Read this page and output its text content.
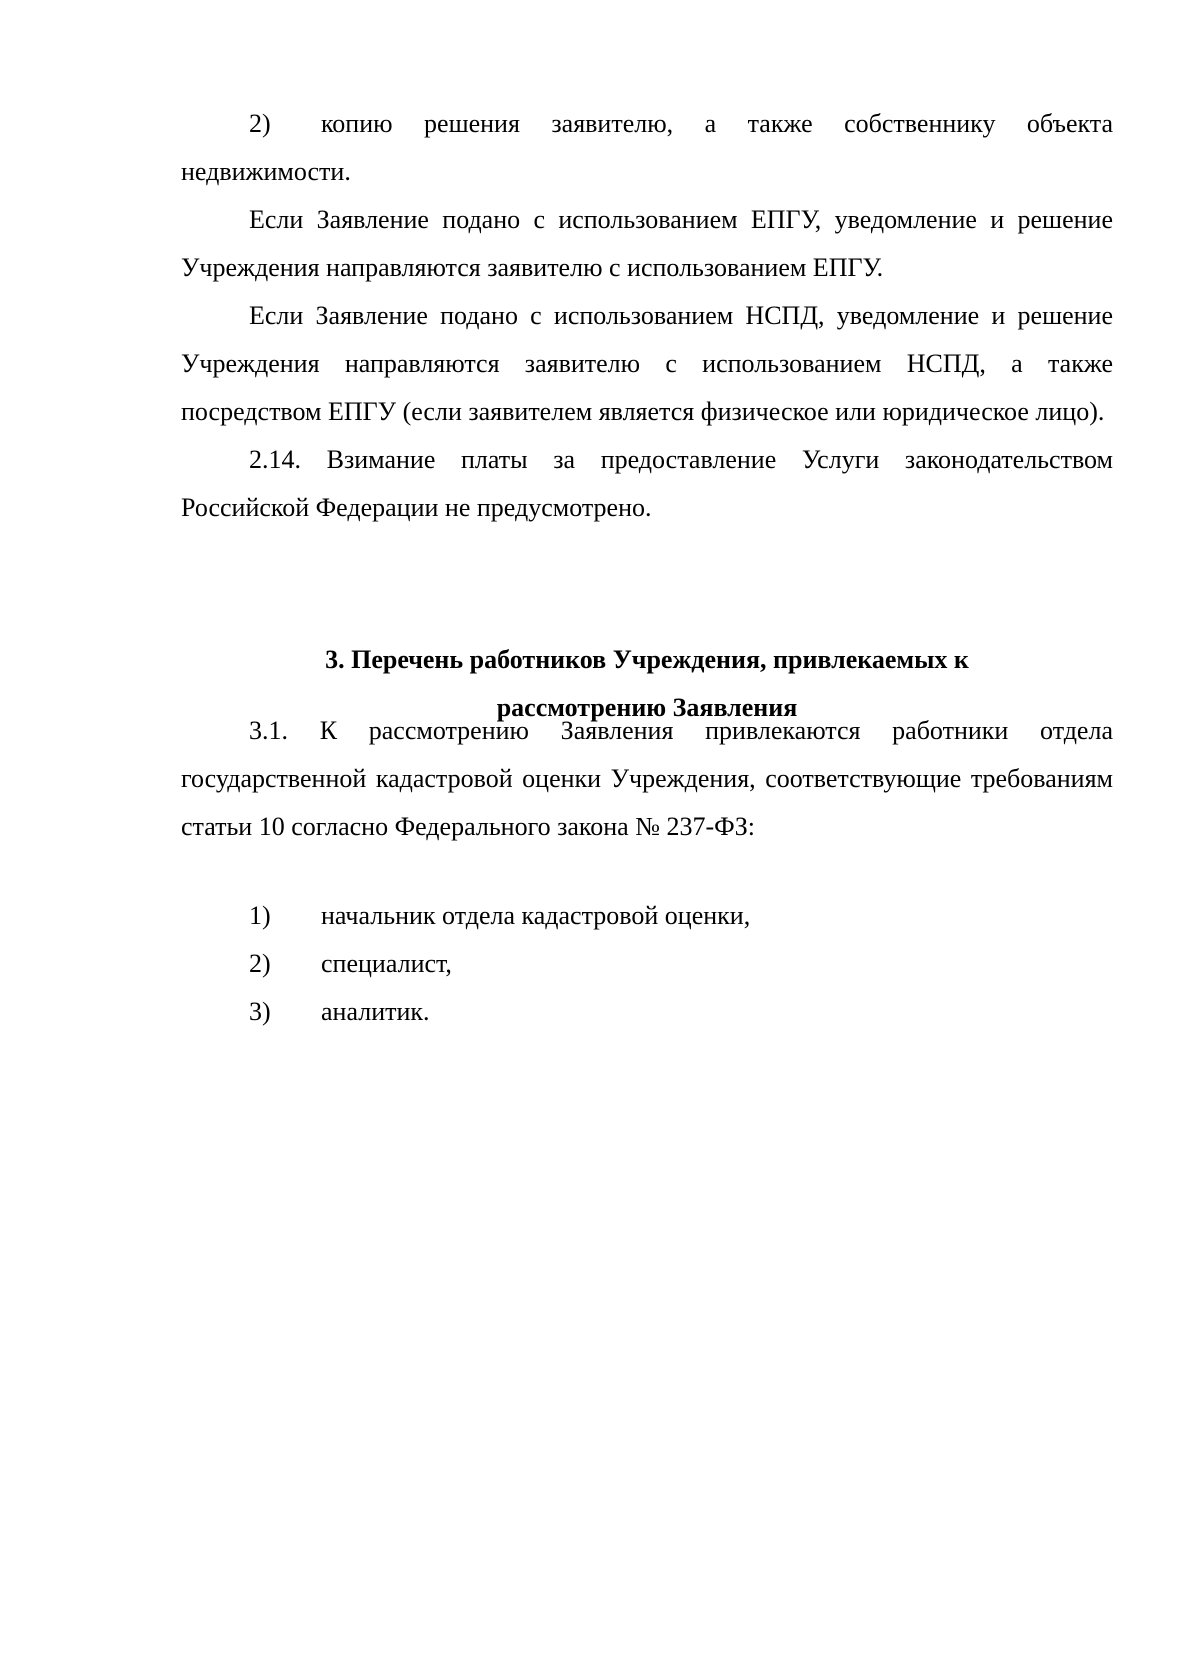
2) копию решения заявителю, а также собственнику объекта недвижимости.

Если Заявление подано с использованием ЕПГУ, уведомление и решение Учреждения направляются заявителю с использованием ЕПГУ.

Если Заявление подано с использованием НСПД, уведомление и решение Учреждения направляются заявителю с использованием НСПД, а также посредством ЕПГУ (если заявителем является физическое или юридическое лицо).

2.14. Взимание платы за предоставление Услуги законодательством Российской Федерации не предусмотрено.

3. Перечень работников Учреждения, привлекаемых к
рассмотрению Заявления

3.1. К рассмотрению Заявления привлекаются работники отдела государственной кадастровой оценки Учреждения, соответствующие требованиям статьи 10 согласно Федерального закона № 237-ФЗ:

1) начальник отдела кадастровой оценки,
2) специалист,
3) аналитик.
